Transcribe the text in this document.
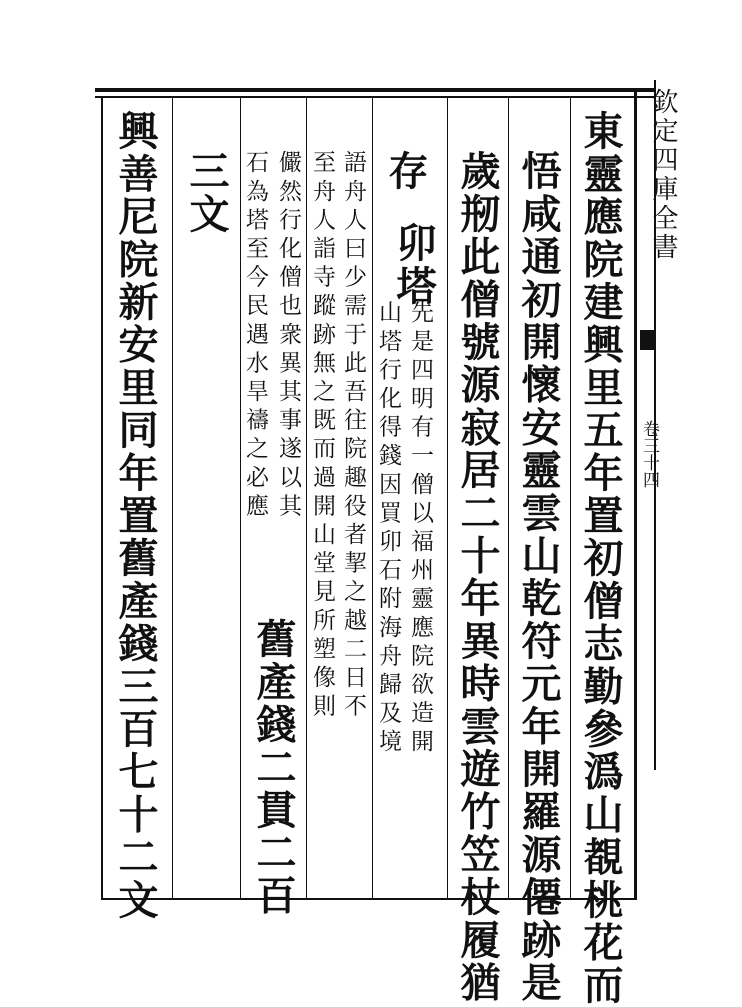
欽定四庫全書
卷三十四
東靈應院建興里五年置初僧志勤參潙山覩桃花而
悟咸通初開懷安靈雲山乾符元年開羅源僊跡是
歲剏此僧號源寂居二十年異時雲遊竹笠杖履猶
存
卯塔
先是四明有一僧以福州靈應院欲造開
山塔行化得錢因買卯石附海舟歸及境
語舟人曰少需于此吾往院趣役者挈之越二日不
至舟人詣寺蹤跡無之既而過開山堂見所塑像則
儼然行化僧也衆異其事遂以其
舊產錢二貫二百
石為塔至今民遇水旱禱之必應
三文
興善尼院新安里同年置舊產錢三百七十二文
